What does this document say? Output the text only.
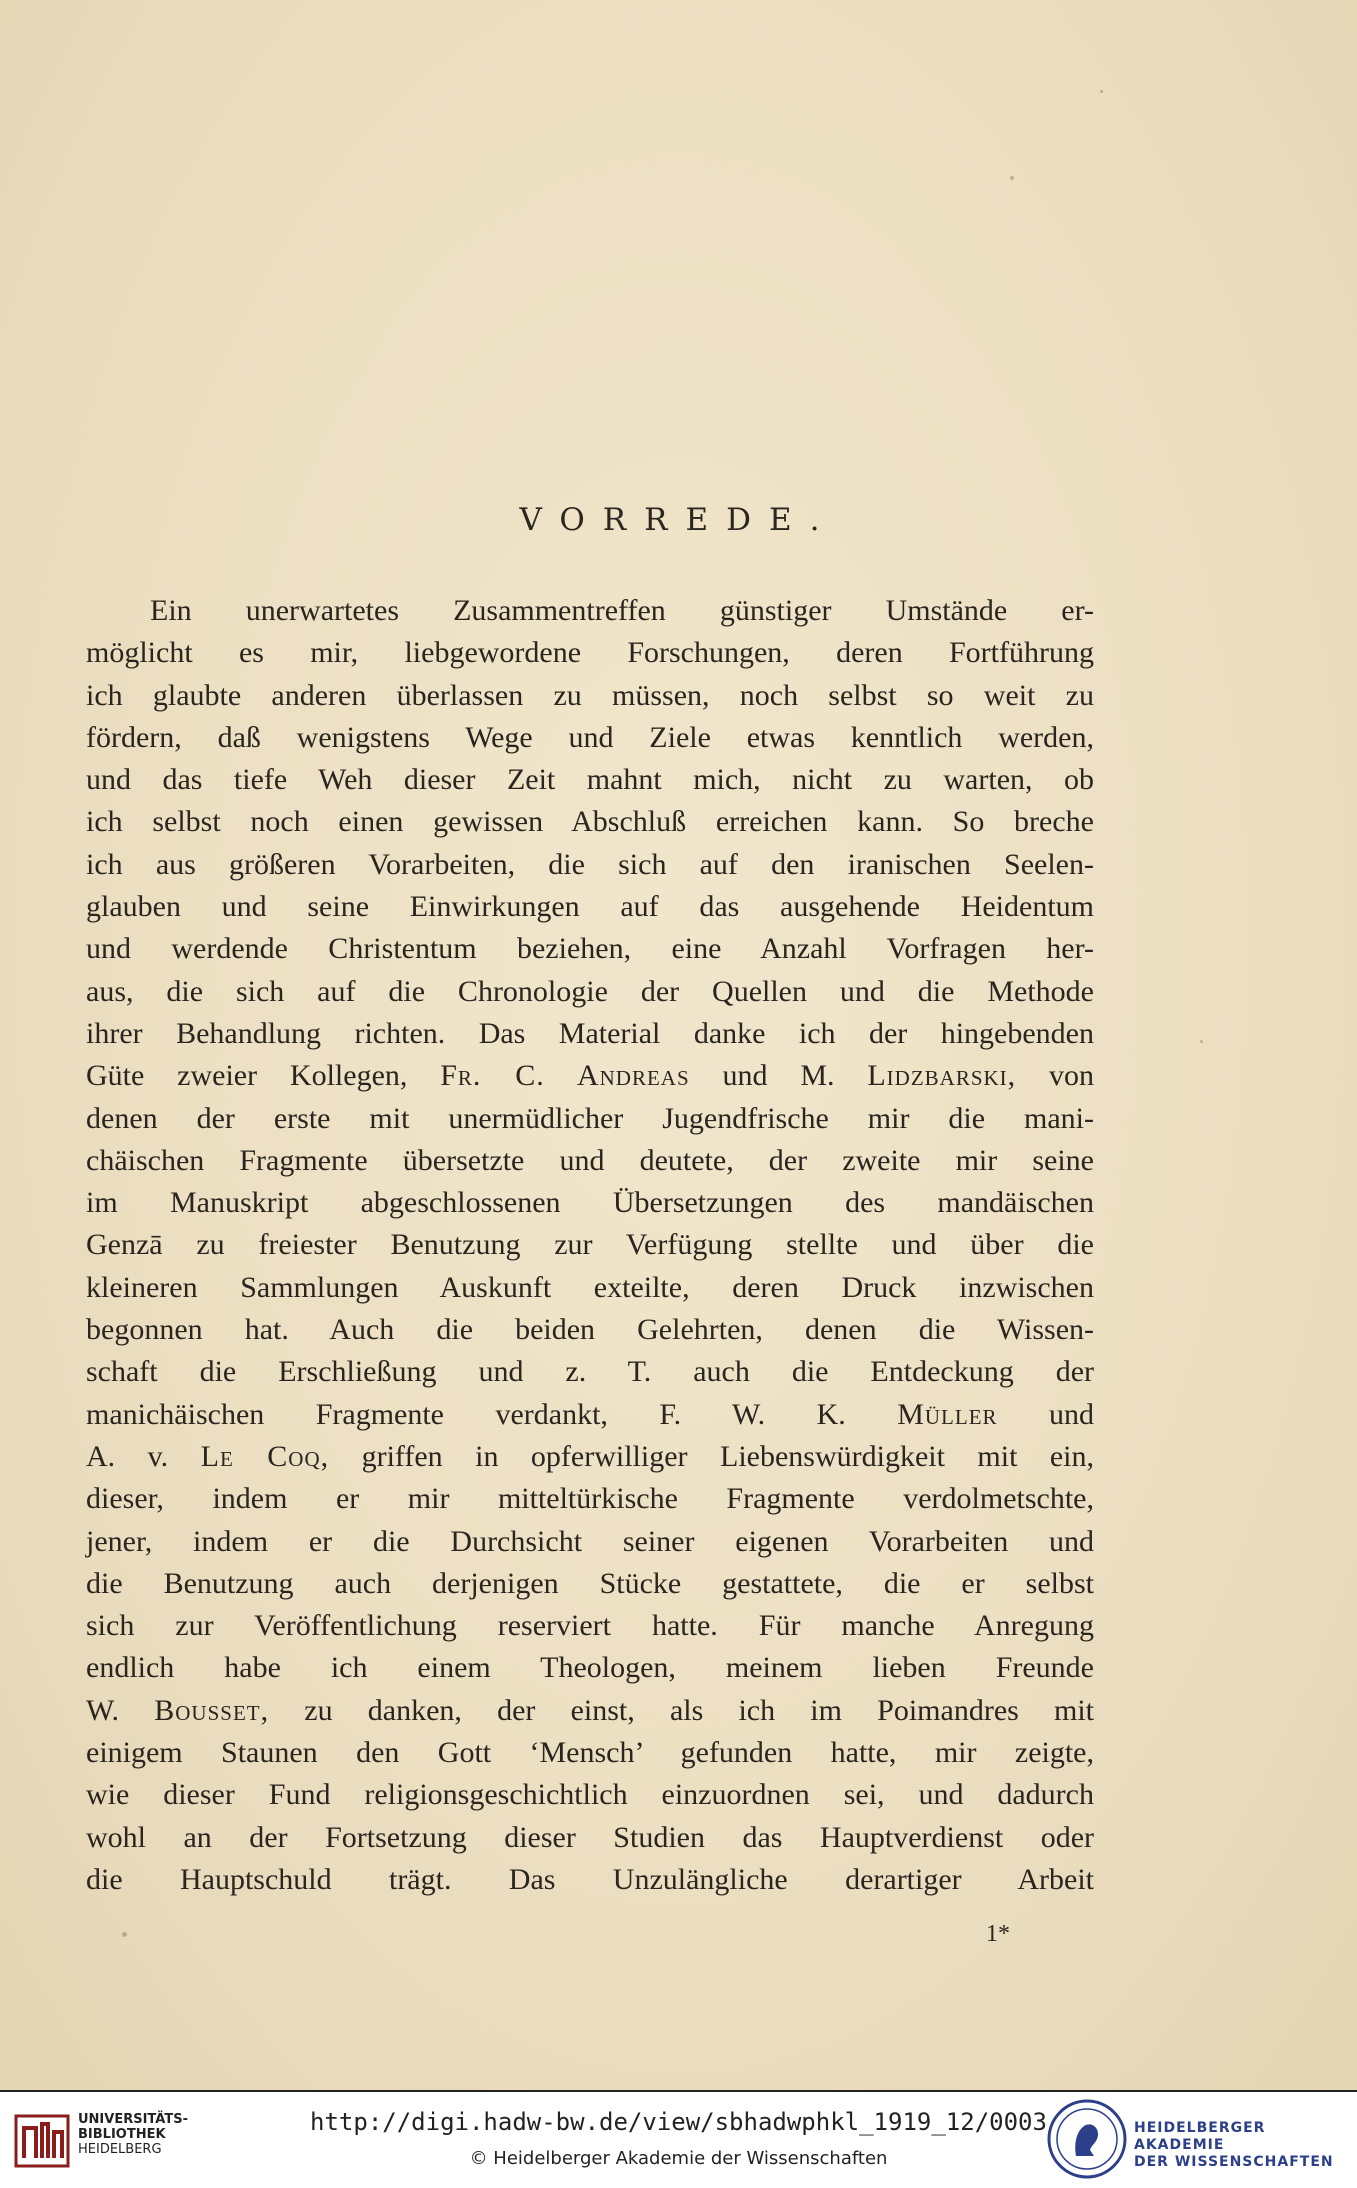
VORREDE.
Ein unerwartetes Zusammentreffen günstiger Umstände er-
möglicht es mir, liebgewordene Forschungen, deren Fortführung
ich glaubte anderen überlassen zu müssen, noch selbst so weit zu
fördern, daß wenigstens Wege und Ziele etwas kenntlich werden,
und das tiefe Weh dieser Zeit mahnt mich, nicht zu warten, ob
ich selbst noch einen gewissen Abschluß erreichen kann. So breche
ich aus größeren Vorarbeiten, die sich auf den iranischen Seelen-
glauben und seine Einwirkungen auf das ausgehende Heidentum
und werdende Christentum beziehen, eine Anzahl Vorfragen her-
aus, die sich auf die Chronologie der Quellen und die Methode
ihrer Behandlung richten. Das Material danke ich der hingebenden
Güte zweier Kollegen, Fr. C. Andreas und M. Lidzbarski, von
denen der erste mit unermüdlicher Jugendfrische mir die mani-
chäischen Fragmente übersetzte und deutete, der zweite mir seine
im Manuskript abgeschlossenen Übersetzungen des mandäischen
Genzā zu freiester Benutzung zur Verfügung stellte und über die
kleineren Sammlungen Auskunft exteilte, deren Druck inzwischen
begonnen hat. Auch die beiden Gelehrten, denen die Wissen-
schaft die Erschließung und z. T. auch die Entdeckung der
manichäischen Fragmente verdankt, F. W. K. Müller und
A. v. Le Coq, griffen in opferwilliger Liebenswürdigkeit mit ein,
dieser, indem er mir mitteltürkische Fragmente verdolmetschte,
jener, indem er die Durchsicht seiner eigenen Vorarbeiten und
die Benutzung auch derjenigen Stücke gestattete, die er selbst
sich zur Veröffentlichung reserviert hatte. Für manche Anregung
endlich habe ich einem Theologen, meinem lieben Freunde
W. Bousset, zu danken, der einst, als ich im Poimandres mit
einigem Staunen den Gott ‘Mensch’ gefunden hatte, mir zeigte,
wie dieser Fund religionsgeschichtlich einzuordnen sei, und dadurch
wohl an der Fortsetzung dieser Studien das Hauptverdienst oder
die Hauptschuld trägt. Das Unzulängliche derartiger Arbeit
1*
UNIVERSITÄTS-
BIBLIOTHEK
HEIDELBERG
http://digi.hadw-bw.de/view/sbhadwphkl_1919_12/0003
© Heidelberger Akademie der Wissenschaften
HEIDELBERGER AKADEMIE
DER WISSENSCHAFTEN
